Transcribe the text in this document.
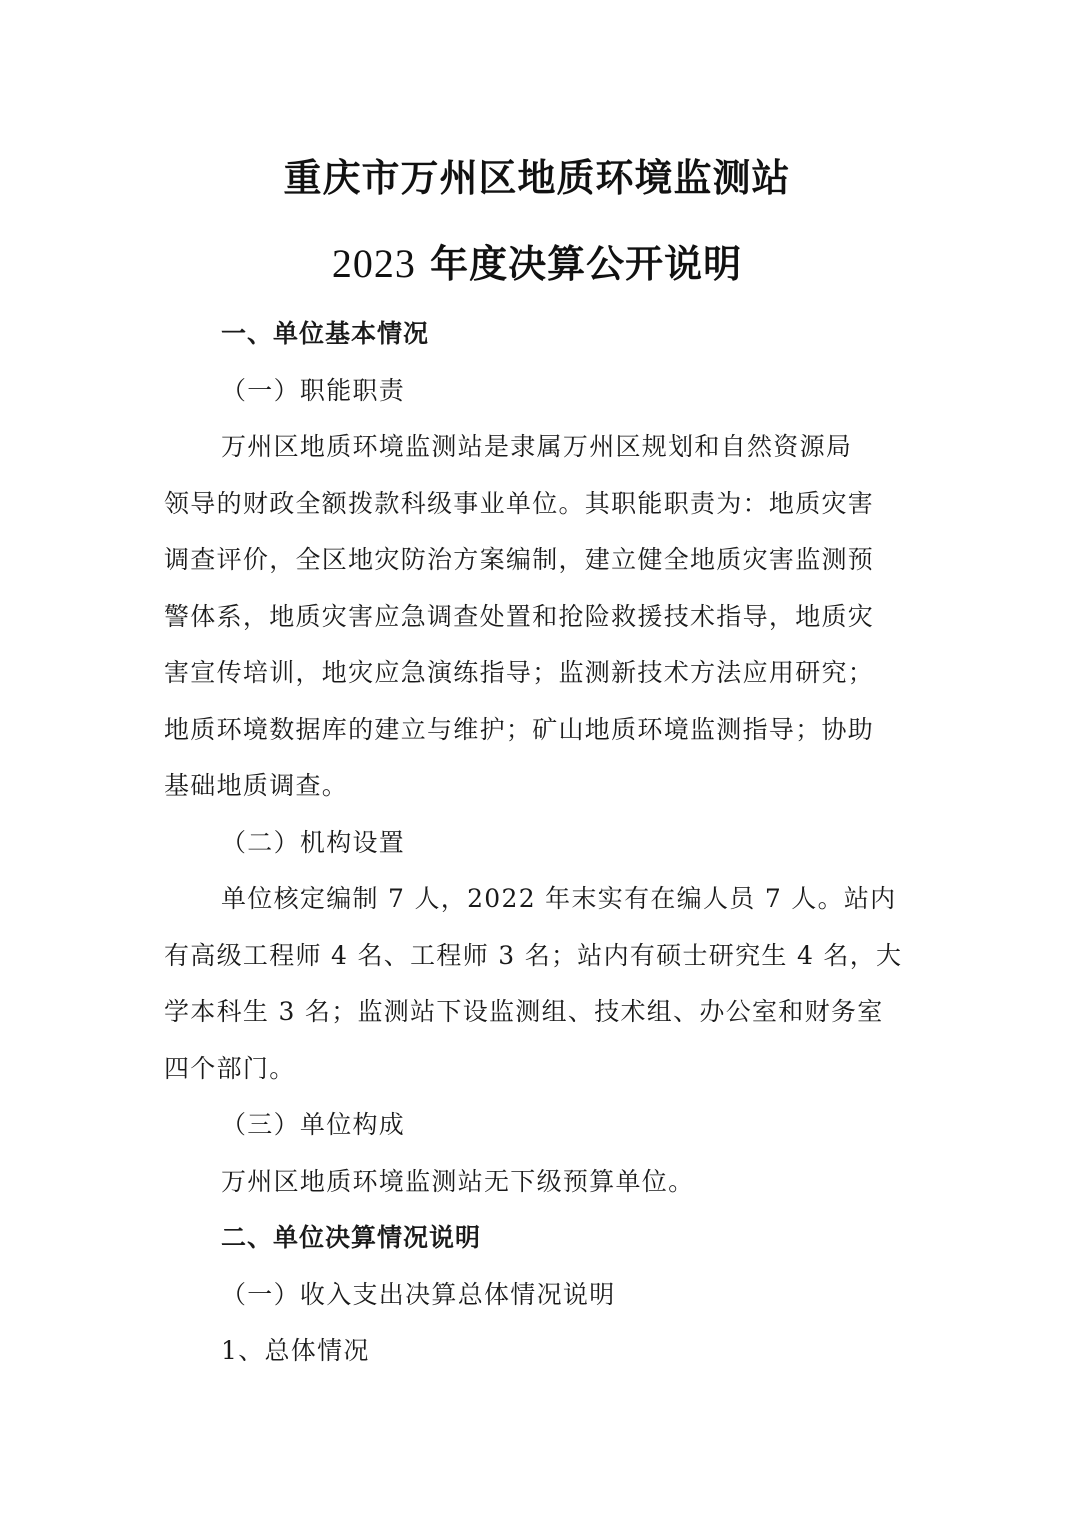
重庆市万州区地质环境监测站
2023 年度决算公开说明

一、单位基本情况

（一）职能职责

万州区地质环境监测站是隶属万州区规划和自然资源局
领导的财政全额拨款科级事业单位。其职能职责为：地质灾害
调查评价，全区地灾防治方案编制，建立健全地质灾害监测预
警体系，地质灾害应急调查处置和抢险救援技术指导，地质灾
害宣传培训，地灾应急演练指导；监测新技术方法应用研究；
地质环境数据库的建立与维护；矿山地质环境监测指导；协助
基础地质调查。

（二）机构设置

单位核定编制 7 人，2022 年末实有在编人员 7 人。站内
有高级工程师 4 名、工程师 3 名；站内有硕士研究生 4 名，大
学本科生 3 名；监测站下设监测组、技术组、办公室和财务室
四个部门。

（三）单位构成

万州区地质环境监测站无下级预算单位。

二、单位决算情况说明

（一）收入支出决算总体情况说明

1、总体情况
